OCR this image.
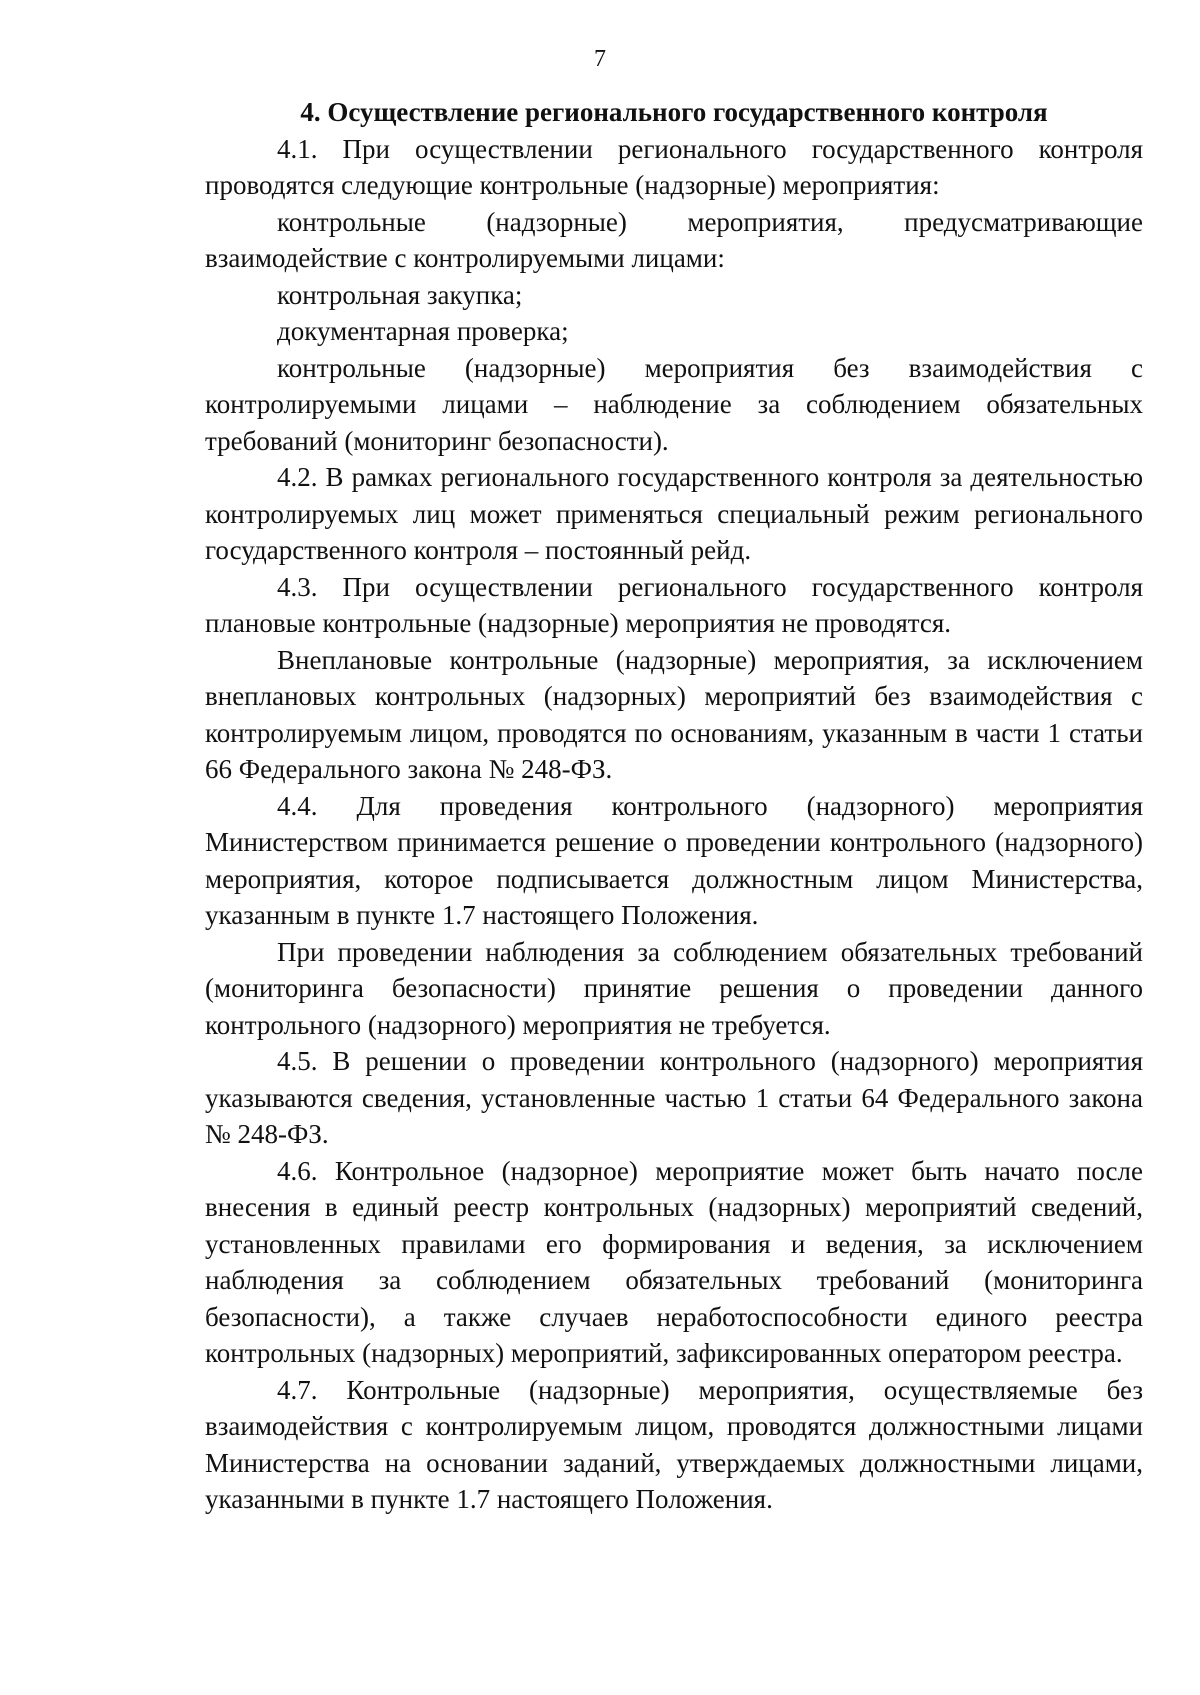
7

4. Осуществление регионального государственного контроля

4.1. При осуществлении регионального государственного контроля проводятся следующие контрольные (надзорные) мероприятия:

контрольные (надзорные) мероприятия, предусматривающие взаимодействие с контролируемыми лицами:

контрольная закупка;

документарная проверка;

контрольные (надзорные) мероприятия без взаимодействия с контролируемыми лицами – наблюдение за соблюдением обязательных требований (мониторинг безопасности).

4.2. В рамках регионального государственного контроля за деятельностью контролируемых лиц может применяться специальный режим регионального государственного контроля – постоянный рейд.

4.3. При осуществлении регионального государственного контроля плановые контрольные (надзорные) мероприятия не проводятся.

Внеплановые контрольные (надзорные) мероприятия, за исключением внеплановых контрольных (надзорных) мероприятий без взаимодействия с контролируемым лицом, проводятся по основаниям, указанным в части 1 статьи 66 Федерального закона № 248-ФЗ.

4.4. Для проведения контрольного (надзорного) мероприятия Министерством принимается решение о проведении контрольного (надзорного) мероприятия, которое подписывается должностным лицом Министерства, указанным в пункте 1.7 настоящего Положения.

При проведении наблюдения за соблюдением обязательных требований (мониторинга безопасности) принятие решения о проведении данного контрольного (надзорного) мероприятия не требуется.

4.5. В решении о проведении контрольного (надзорного) мероприятия указываются сведения, установленные частью 1 статьи 64 Федерального закона № 248-ФЗ.

4.6. Контрольное (надзорное) мероприятие может быть начато после внесения в единый реестр контрольных (надзорных) мероприятий сведений, установленных правилами его формирования и ведения, за исключением наблюдения за соблюдением обязательных требований (мониторинга безопасности), а также случаев неработоспособности единого реестра контрольных (надзорных) мероприятий, зафиксированных оператором реестра.

4.7. Контрольные (надзорные) мероприятия, осуществляемые без взаимодействия с контролируемым лицом, проводятся должностными лицами Министерства на основании заданий, утверждаемых должностными лицами, указанными в пункте 1.7 настоящего Положения.
